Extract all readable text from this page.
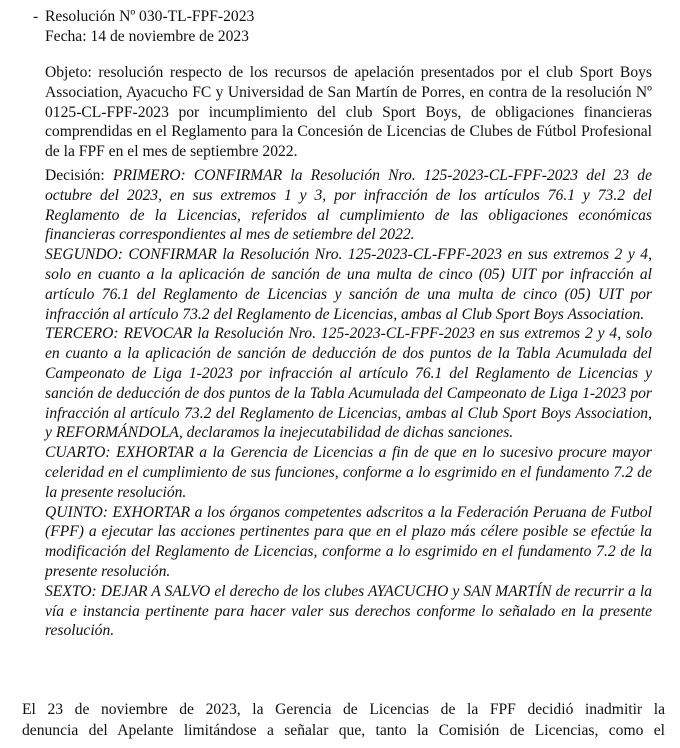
- Resolución Nº 030-TL-FPF-2023
Fecha: 14 de noviembre de 2023
Objeto: resolución respecto de los recursos de apelación presentados por el club Sport Boys Association, Ayacucho FC y Universidad de San Martín de Porres, en contra de la resolución Nº 0125-CL-FPF-2023 por incumplimiento del club Sport Boys, de obligaciones financieras comprendidas en el Reglamento para la Concesión de Licencias de Clubes de Fútbol Profesional de la FPF en el mes de septiembre 2022.
Decisión: PRIMERO: CONFIRMAR la Resolución Nro. 125-2023-CL-FPF-2023 del 23 de octubre del 2023, en sus extremos 1 y 3, por infracción de los artículos 76.1 y 73.2 del Reglamento de la Licencias, referidos al cumplimiento de las obligaciones económicas financieras correspondientes al mes de setiembre del 2022.
SEGUNDO: CONFIRMAR la Resolución Nro. 125-2023-CL-FPF-2023 en sus extremos 2 y 4, solo en cuanto a la aplicación de sanción de una multa de cinco (05) UIT por infracción al artículo 76.1 del Reglamento de Licencias y sanción de una multa de cinco (05) UIT por infracción al artículo 73.2 del Reglamento de Licencias, ambas al Club Sport Boys Association.
TERCERO: REVOCAR la Resolución Nro. 125-2023-CL-FPF-2023 en sus extremos 2 y 4, solo en cuanto a la aplicación de sanción de deducción de dos puntos de la Tabla Acumulada del Campeonato de Liga 1-2023 por infracción al artículo 76.1 del Reglamento de Licencias y sanción de deducción de dos puntos de la Tabla Acumulada del Campeonato de Liga 1-2023 por infracción al artículo 73.2 del Reglamento de Licencias, ambas al Club Sport Boys Association, y REFORMÁNDOLA, declaramos la inejecutabilidad de dichas sanciones.
CUARTO: EXHORTAR a la Gerencia de Licencias a fin de que en lo sucesivo procure mayor celeridad en el cumplimiento de sus funciones, conforme a lo esgrimido en el fundamento 7.2 de la presente resolución.
QUINTO: EXHORTAR a los órganos competentes adscritos a la Federación Peruana de Futbol (FPF) a ejecutar las acciones pertinentes para que en el plazo más célere posible se efectúe la modificación del Reglamento de Licencias, conforme a lo esgrimido en el fundamento 7.2 de la presente resolución.
SEXTO: DEJAR A SALVO el derecho de los clubes AYACUCHO y SAN MARTÍN de recurrir a la vía e instancia pertinente para hacer valer sus derechos conforme lo señalado en la presente resolución.
El 23 de noviembre de 2023, la Gerencia de Licencias de la FPF decidió inadmitir la
denuncia del Apelante limitándose a señalar que, tanto la Comisión de Licencias, como el
